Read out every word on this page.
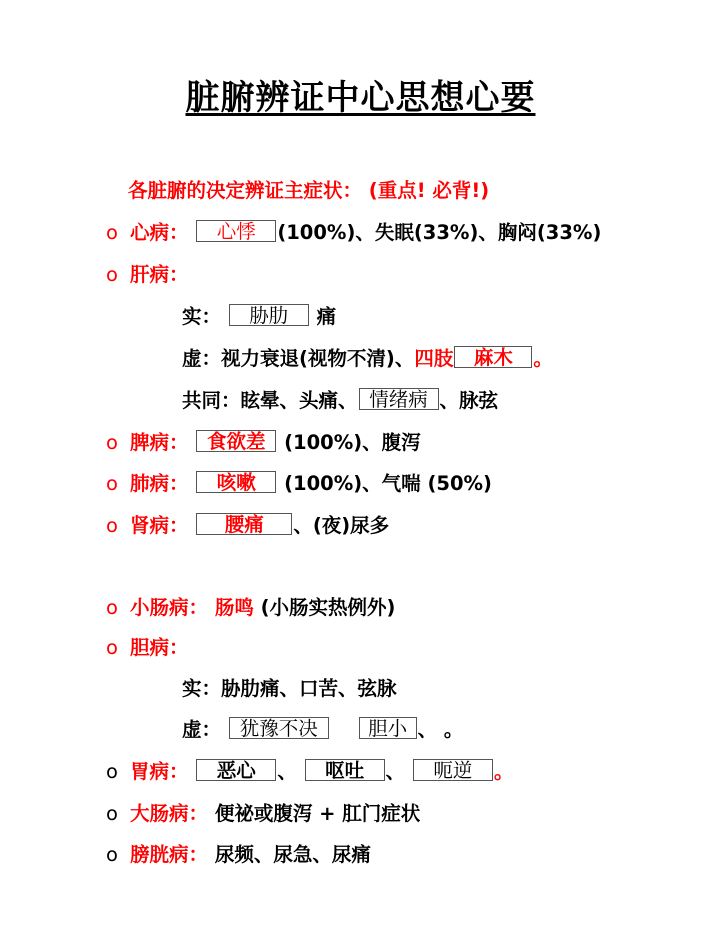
脏腑辨证中心思想心要
各脏腑的决定辨证主症状： (重点! 必背!)
o 心病： 心悸 (100%)、失眠(33%)、胸闷(33%)
o 肝病：
实： 胁肋 痛
虚：视力衰退(视物不清)、四肢 麻木 。
共同：眩晕、头痛、 情绪病 、脉弦
o 脾病： 食欲差 (100%)、腹泻
o 肺病： 咳嗽 (100%)、气喘 (50%)
o 肾病： 腰痛 、(夜)尿多
o 小肠病： 肠鸣 (小肠实热例外)
o 胆病：
实：胁肋痛、口苦、弦脉
虚： 犹豫不决	胆小 、 。
o 胃病： 恶心 、 呕吐 、 呃逆 。
o 大肠病： 便祕或腹泻 + 肛门症状
o 膀胱病： 尿频、尿急、尿痛
